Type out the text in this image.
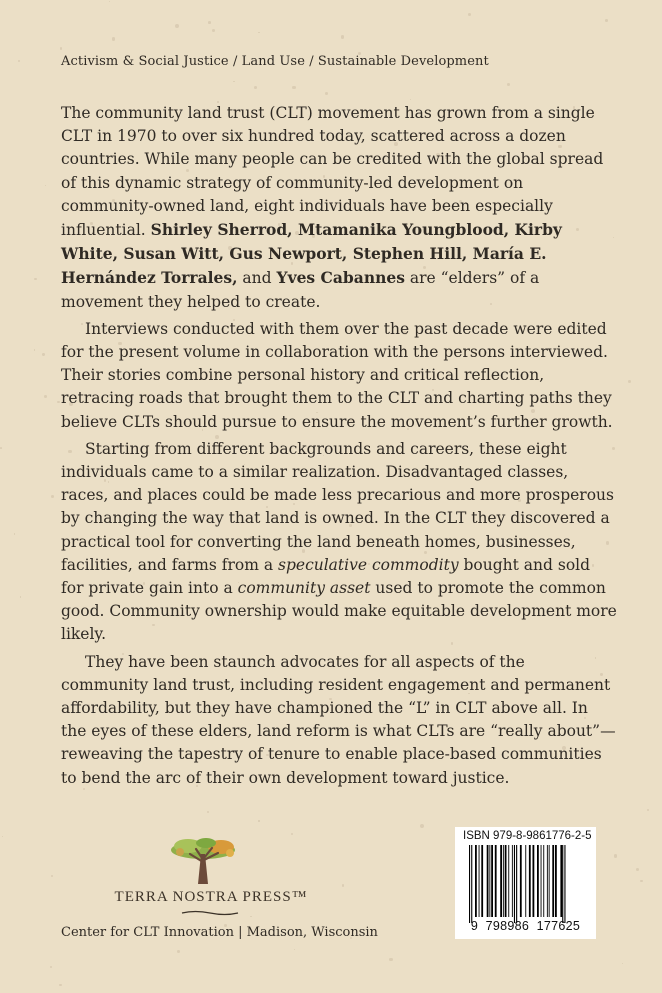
Activism & Social Justice / Land Use / Sustainable Development

The community land trust (CLT) movement has grown from a single CLT in 1970 to over six hundred today, scattered across a dozen countries. While many people can be credited with the global spread of this dynamic strategy of community-led development on community-owned land, eight individuals have been especially influential. Shirley Sherrod, Mtamanika Youngblood, Kirby White, Susan Witt, Gus Newport, Stephen Hill, María E. Hernández Torrales, and Yves Cabannes are “elders” of a movement they helped to create.

Interviews conducted with them over the past decade were edited for the present volume in collaboration with the persons interviewed. Their stories combine personal history and critical reflection, retracing roads that brought them to the CLT and charting paths they believe CLTs should pursue to ensure the movement’s further growth.

Starting from different backgrounds and careers, these eight individuals came to a similar realization. Disadvantaged classes, races, and places could be made less precarious and more prosperous by changing the way that land is owned. In the CLT they discovered a practical tool for converting the land beneath homes, businesses, facilities, and farms from a speculative commodity bought and sold for private gain into a community asset used to promote the common good. Community ownership would make equitable development more likely.

They have been staunch advocates for all aspects of the community land trust, including resident engagement and permanent affordability, but they have championed the “L” in CLT above all. In the eyes of these elders, land reform is what CLTs are “really about”—reweaving the tapestry of tenure to enable place-based communities to bend the arc of their own development toward justice.

TERRA NOSTRA PRESS™
Center for CLT Innovation | Madison, Wisconsin
ISBN 979-8-9861776-2-5
9  798986  177625
